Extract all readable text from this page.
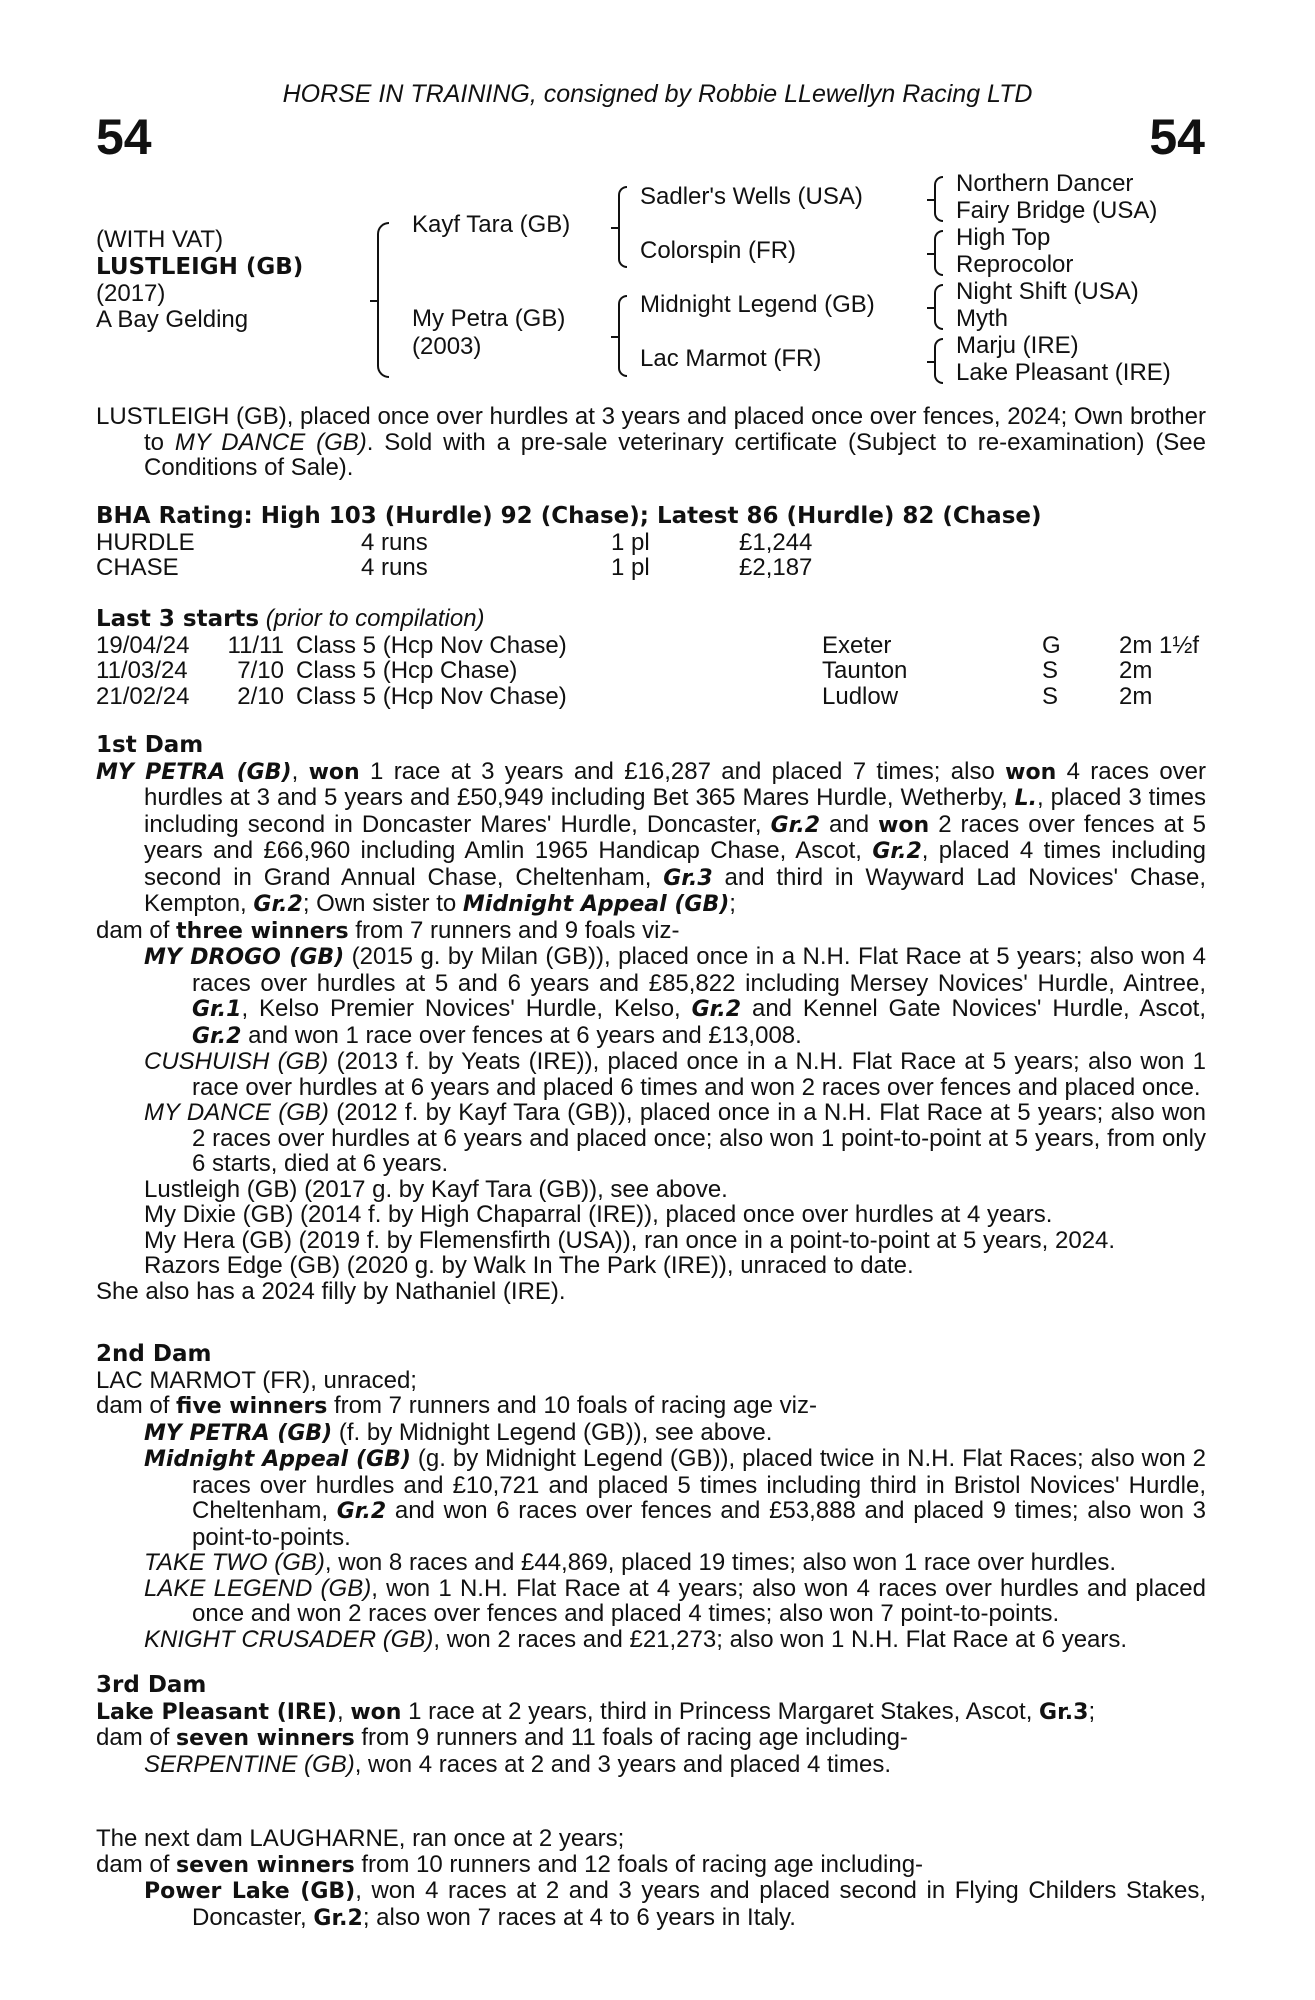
HORSE IN TRAINING, consigned by Robbie LLewellyn Racing LTD
54	54
(WITH VAT)
LUSTLEIGH (GB)
(2017)
A Bay Gelding
Kayf Tara (GB)
My Petra (GB)
(2003)
Sadler's Wells (USA)
Colorspin (FR)
Midnight Legend (GB)
Lac Marmot (FR)
Northern Dancer
Fairy Bridge (USA)
High Top
Reprocolor
Night Shift (USA)
Myth
Marju (IRE)
Lake Pleasant (IRE)

LUSTLEIGH (GB), placed once over hurdles at 3 years and placed once over fences, 2024; Own brother to MY DANCE (GB). Sold with a pre-sale veterinary certificate (Subject to re-examination) (See Conditions of Sale).

BHA Rating: High 103 (Hurdle) 92 (Chase); Latest 86 (Hurdle) 82 (Chase)

HURDLE	4 runs	1 pl	£1,244
CHASE	4 runs	1 pl	£2,187

Last 3 starts (prior to compilation)

19/04/24	11/11	Class 5 (Hcp Nov Chase)	Exeter	G	2m 1½f
11/03/24	7/10	Class 5 (Hcp Chase)	Taunton	S	2m
21/02/24	2/10	Class 5 (Hcp Nov Chase)	Ludlow	S	2m

1st Dam

MY PETRA (GB), won 1 race at 3 years and £16,287 and placed 7 times; also won 4 races over hurdles at 3 and 5 years and £50,949 including Bet 365 Mares Hurdle, Wetherby, L., placed 3 times including second in Doncaster Mares' Hurdle, Doncaster, Gr.2 and won 2 races over fences at 5 years and £66,960 including Amlin 1965 Handicap Chase, Ascot, Gr.2, placed 4 times including second in Grand Annual Chase, Cheltenham, Gr.3 and third in Wayward Lad Novices' Chase, Kempton, Gr.2; Own sister to Midnight Appeal (GB);

dam of three winners from 7 runners and 9 foals viz-

MY DROGO (GB) (2015 g. by Milan (GB)), placed once in a N.H. Flat Race at 5 years; also won 4 races over hurdles at 5 and 6 years and £85,822 including Mersey Novices' Hurdle, Aintree, Gr.1, Kelso Premier Novices' Hurdle, Kelso, Gr.2 and Kennel Gate Novices' Hurdle, Ascot, Gr.2 and won 1 race over fences at 6 years and £13,008.

CUSHUISH (GB) (2013 f. by Yeats (IRE)), placed once in a N.H. Flat Race at 5 years; also won 1 race over hurdles at 6 years and placed 6 times and won 2 races over fences and placed once.

MY DANCE (GB) (2012 f. by Kayf Tara (GB)), placed once in a N.H. Flat Race at 5 years; also won 2 races over hurdles at 6 years and placed once; also won 1 point-to-point at 5 years, from only 6 starts, died at 6 years.

Lustleigh (GB) (2017 g. by Kayf Tara (GB)), see above.

My Dixie (GB) (2014 f. by High Chaparral (IRE)), placed once over hurdles at 4 years.

My Hera (GB) (2019 f. by Flemensfirth (USA)), ran once in a point-to-point at 5 years, 2024.

Razors Edge (GB) (2020 g. by Walk In The Park (IRE)), unraced to date.

She also has a 2024 filly by Nathaniel (IRE).

2nd Dam

LAC MARMOT (FR), unraced;

dam of five winners from 7 runners and 10 foals of racing age viz-

MY PETRA (GB) (f. by Midnight Legend (GB)), see above.

Midnight Appeal (GB) (g. by Midnight Legend (GB)), placed twice in N.H. Flat Races; also won 2 races over hurdles and £10,721 and placed 5 times including third in Bristol Novices' Hurdle, Cheltenham, Gr.2 and won 6 races over fences and £53,888 and placed 9 times; also won 3 point-to-points.

TAKE TWO (GB), won 8 races and £44,869, placed 19 times; also won 1 race over hurdles.

LAKE LEGEND (GB), won 1 N.H. Flat Race at 4 years; also won 4 races over hurdles and placed once and won 2 races over fences and placed 4 times; also won 7 point-to-points.

KNIGHT CRUSADER (GB), won 2 races and £21,273; also won 1 N.H. Flat Race at 6 years.

3rd Dam

Lake Pleasant (IRE), won 1 race at 2 years, third in Princess Margaret Stakes, Ascot, Gr.3;

dam of seven winners from 9 runners and 11 foals of racing age including-

SERPENTINE (GB), won 4 races at 2 and 3 years and placed 4 times.

The next dam LAUGHARNE, ran once at 2 years;

dam of seven winners from 10 runners and 12 foals of racing age including-

Power Lake (GB), won 4 races at 2 and 3 years and placed second in Flying Childers Stakes, Doncaster, Gr.2; also won 7 races at 4 to 6 years in Italy.
